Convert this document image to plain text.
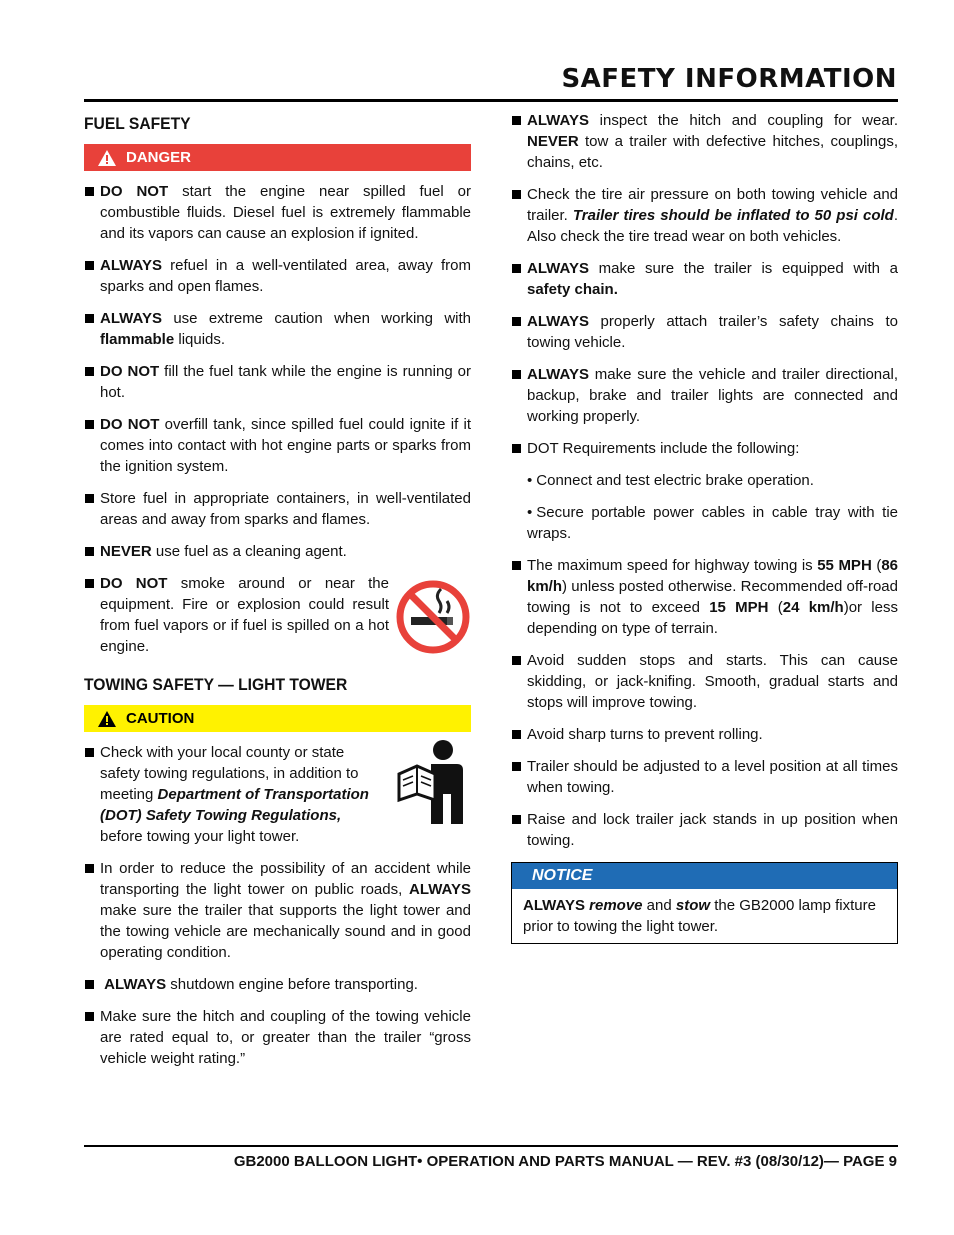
SAFETY INFORMATION
FUEL SAFETY
DANGER
DO NOT start the engine near spilled fuel or combustible fluids. Diesel fuel is extremely flammable and its vapors can cause an explosion if ignited.
ALWAYS refuel in a well-ventilated area, away from sparks and open flames.
ALWAYS use extreme caution when working with flammable liquids.
DO NOT fill the fuel tank while the engine is running or hot.
DO NOT overfill tank, since spilled fuel could ignite if it comes into contact with hot engine parts or sparks from the ignition system.
Store fuel in appropriate containers, in well-ventilated areas and away from sparks and flames.
NEVER use fuel as a cleaning agent.
DO NOT smoke around or near the equipment. Fire or explosion could result from fuel vapors or if fuel is spilled on a hot engine.
TOWING SAFETY — LIGHT TOWER
CAUTION
Check with your local county or state safety towing regulations, in addition to meeting Department of Transportation (DOT) Safety Towing Regulations, before towing your light tower.
In order to reduce the possibility of an accident while transporting the light tower on public roads, ALWAYS make sure the trailer that supports the light tower and the towing vehicle are mechanically sound and in good operating condition.
ALWAYS shutdown engine before transporting.
Make sure the hitch and coupling of the towing vehicle are rated equal to, or greater than the trailer “gross vehicle weight rating.”
ALWAYS inspect the hitch and coupling for wear. NEVER tow a trailer with defective hitches, couplings, chains, etc.
Check the tire air pressure on both towing vehicle and trailer. Trailer tires should be inflated to 50 psi cold. Also check the tire tread wear on both vehicles.
ALWAYS make sure the trailer is equipped with a safety chain.
ALWAYS properly attach trailer’s safety chains to towing vehicle.
ALWAYS make sure the vehicle and trailer directional, backup, brake and trailer lights are connected and working properly.
DOT Requirements include the following:
• Connect and test electric brake operation.
• Secure portable power cables in cable tray with tie wraps.
The maximum speed for highway towing is 55 MPH (86 km/h) unless posted otherwise. Recommended off-road towing is not to exceed 15 MPH (24 km/h)or less depending on type of terrain.
Avoid sudden stops and starts. This can cause skidding, or jack-knifing. Smooth, gradual starts and stops will improve towing.
Avoid sharp turns to prevent rolling.
Trailer should be adjusted to a level position at all times when towing.
Raise and lock trailer jack stands in up position when towing.
NOTICE
ALWAYS remove and stow the GB2000 lamp fixture prior to towing the light tower.

GB2000 BALLOON LIGHT• OPERATION AND PARTS MANUAL — REV. #3 (08/30/12)— PAGE 9
